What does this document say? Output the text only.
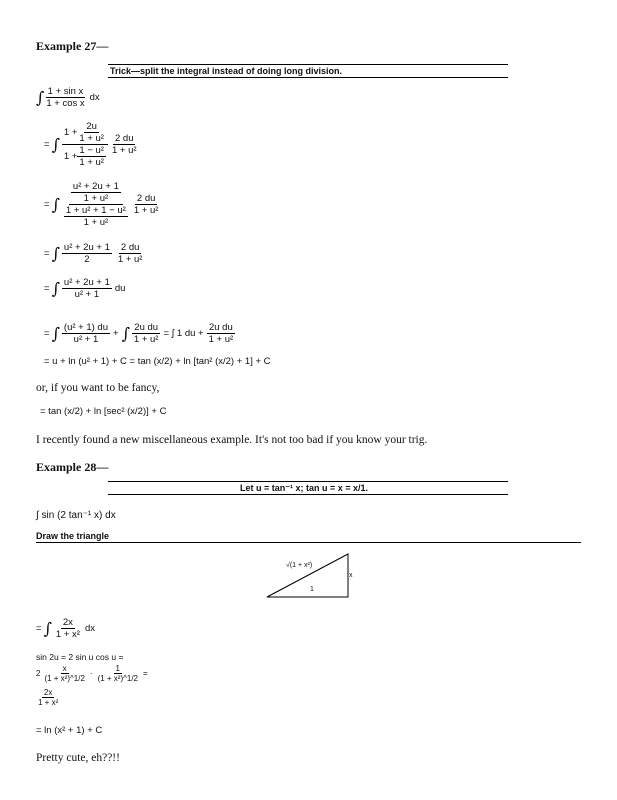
Example 27—
Trick—split the integral instead of doing long division.
∫ $\frac{\text{1 + sin x}}{\text{1 + cos x}}$ dx
= ∫ $\frac{1 + \frac{2u}{\text{1 + u²}}}{1 + \frac{\text{1 − u²}}{\text{1 + u²}}} \frac{2 du}{\text{1 + u²}}$
= ∫ $\frac{\frac{\text{u² + 2u + 1}}{\text{1 + u²}}}{\frac{\text{1 + u² + 1 − u²}}{\text{1 + u²}}} \frac{2 du}{\text{1 + u²}}$
= ∫ $\frac{\text{u² + 2u + 1}}{2} \frac{2 du}{\text{1 + u²}}$
= ∫ $\frac{\text{u² + 2u + 1}}{\text{u² + 1}}$ du
= ∫ $\frac{\text{(u² + 1) du}}{\text{u² + 1}}$ + ∫ $\frac{\text{2u du}}{\text{1 + u²}}$ = ∫ 1 du + $\frac{\text{2u du}}{\text{1 + u²}}$
= u + ln (u² + 1) + C = tan (x/2) + ln [tan² (x/2) + 1] + C
or, if you want to be fancy,
= tan (x/2) + ln [sec² (x/2)] + C
I recently found a new miscellaneous example. It's not too bad if you know your trig.
Example 28—
Let u = tan⁻¹ x; tan u = x = x/1.
∫ sin (2 tan⁻¹ x) dx
Draw the triangle
√(1 + x²)
x
1
= ∫ $\frac{2x}{\text{1 + x²}}$ dx
sin 2u = 2 sin u cos u =
$2 \frac{x}{\text{(1 + x²)\textasciicircum{}1/2}} \cdot \frac{1}{\text{(1 + x²)\textasciicircum{}1/2}}$ =
$\frac{2x}{\text{1 + x²}}$
= ln (x² + 1) + C
Pretty cute, eh??!!
